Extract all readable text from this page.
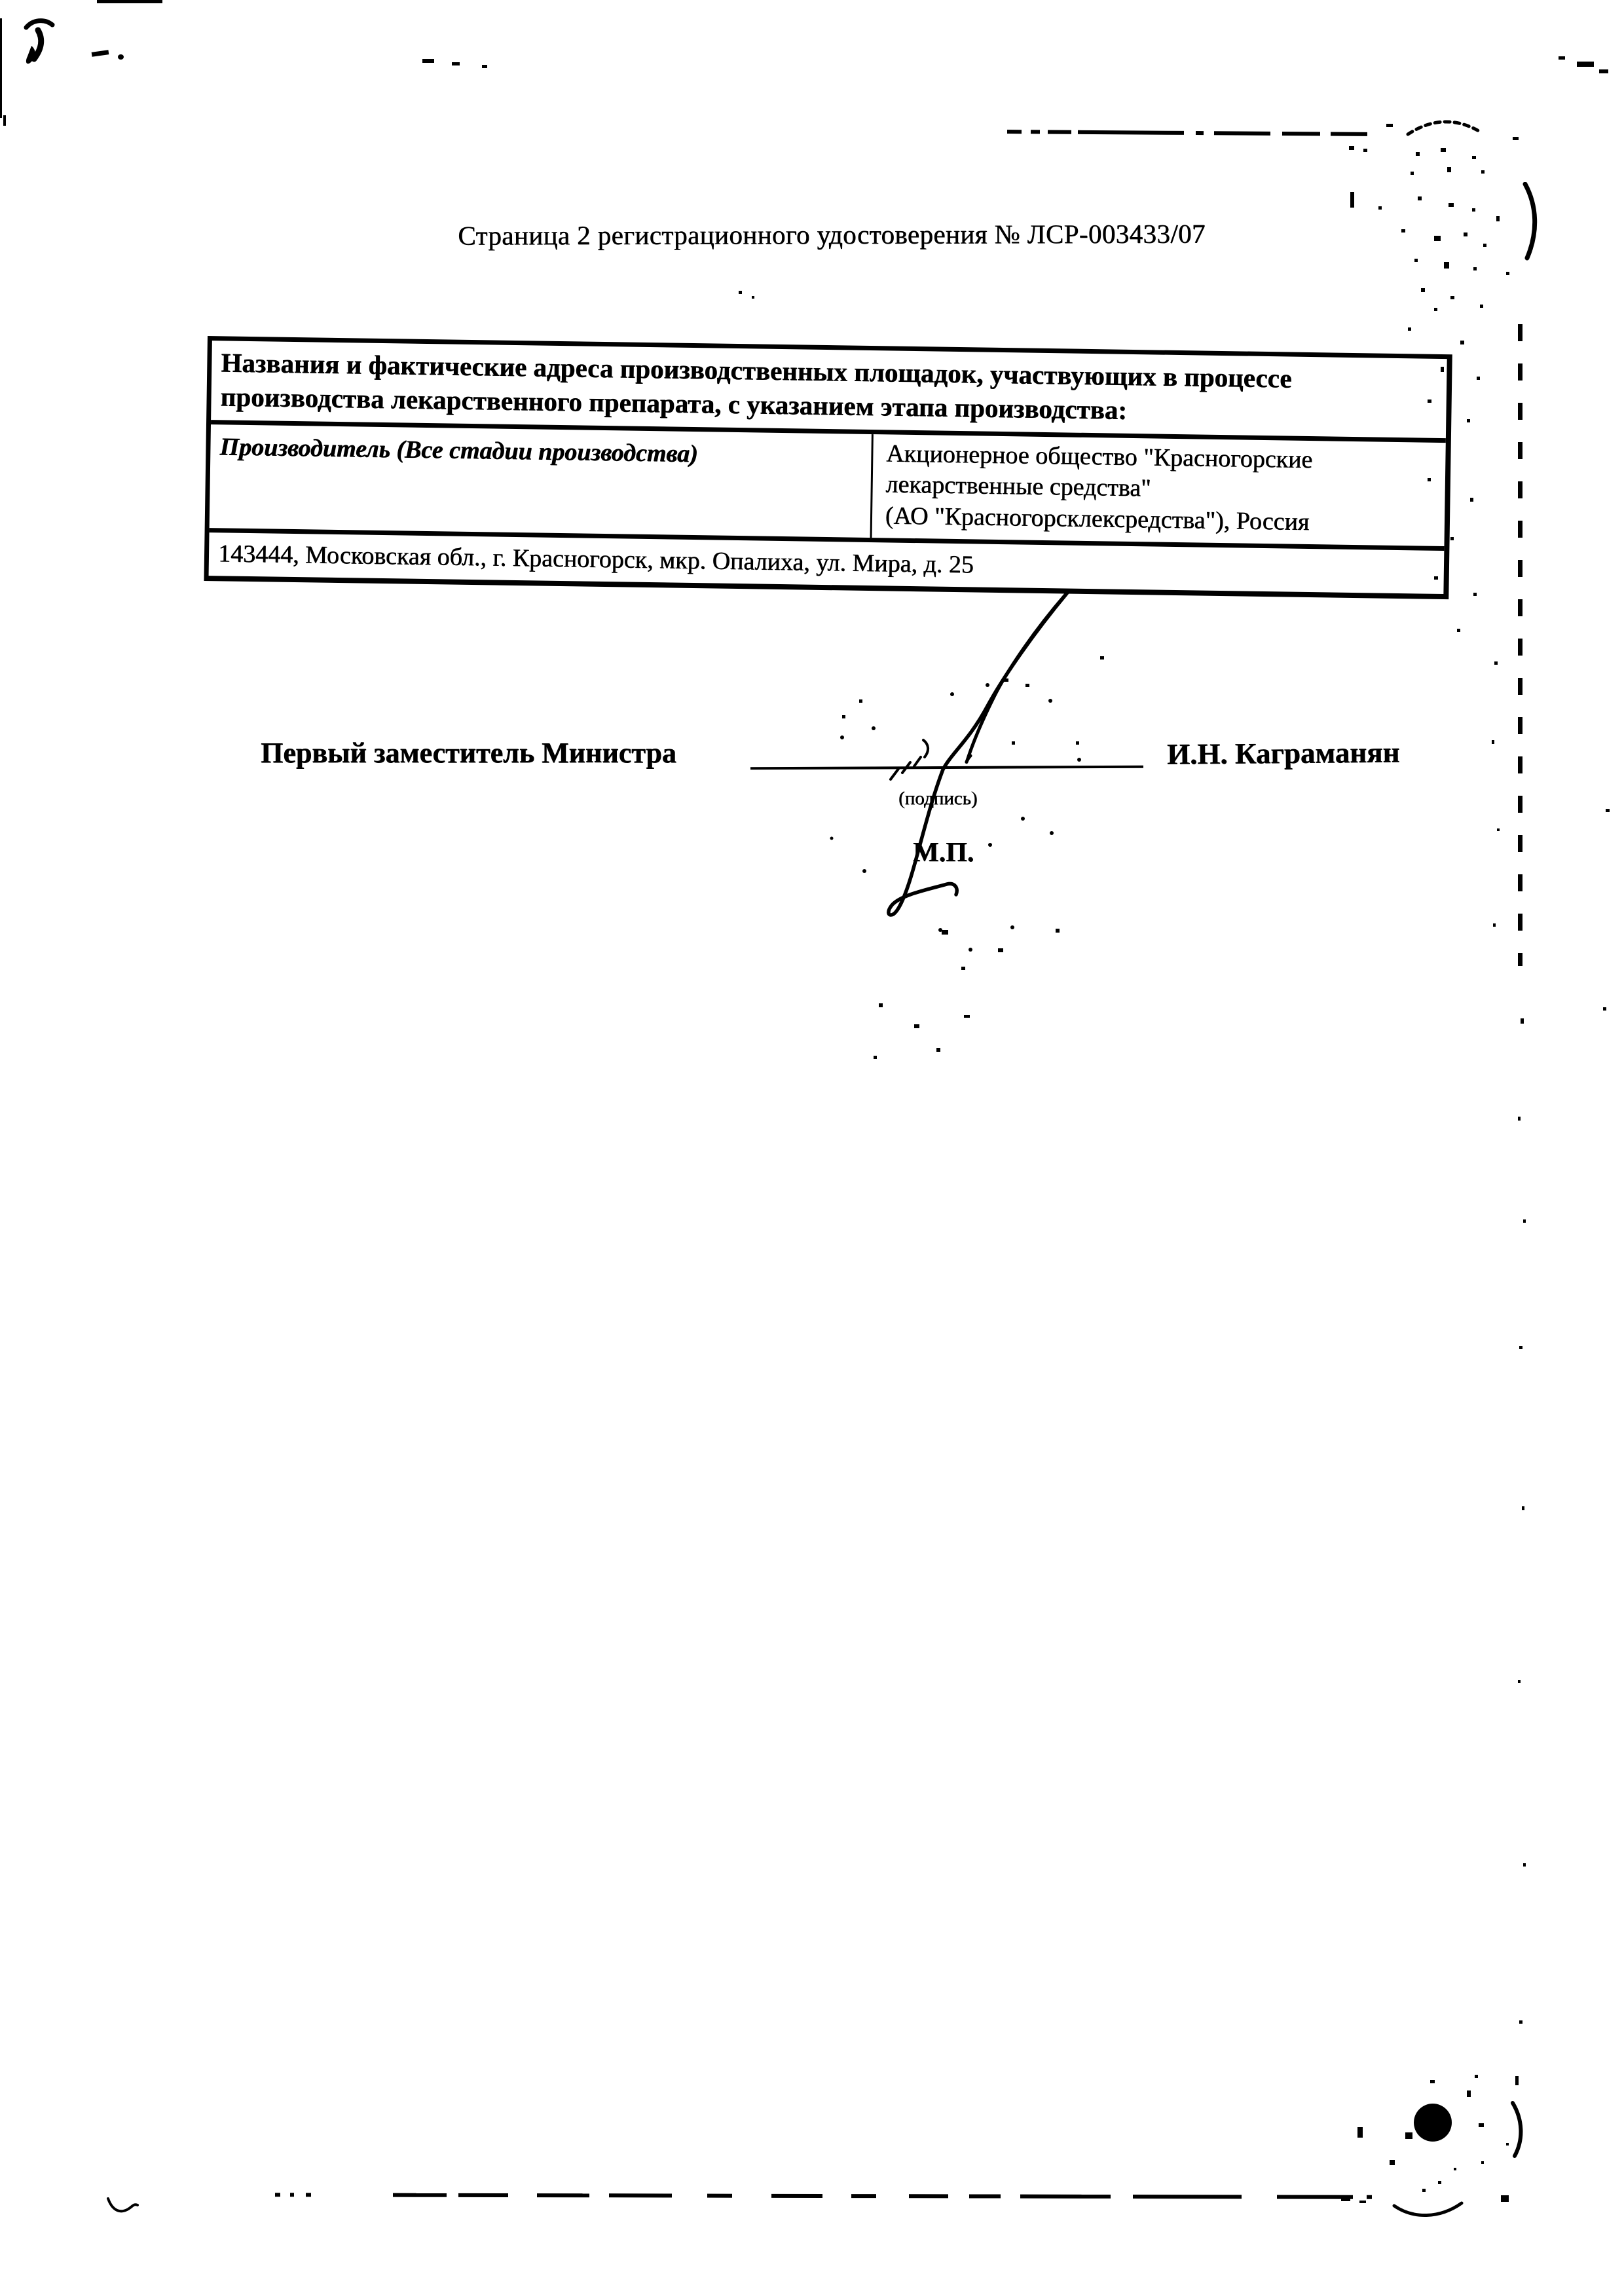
Страница 2 регистрационного удостоверения № ЛСР-003433/07
Названия и фактические адреса производственных площадок, участвующих в процессе производства лекарственного препарата, с указанием этапа производства:
Производитель (Все стадии производства)	Акционерное общество "Красногорские
лекарственные средства"
(АО "Красногорсклексредства"), Россия
143444, Московская обл., г. Красногорск, мкр. Опалиха, ул. Мира, д. 25
Первый заместитель Министра
(подпись)
М.П.
И.Н. Каграманян
